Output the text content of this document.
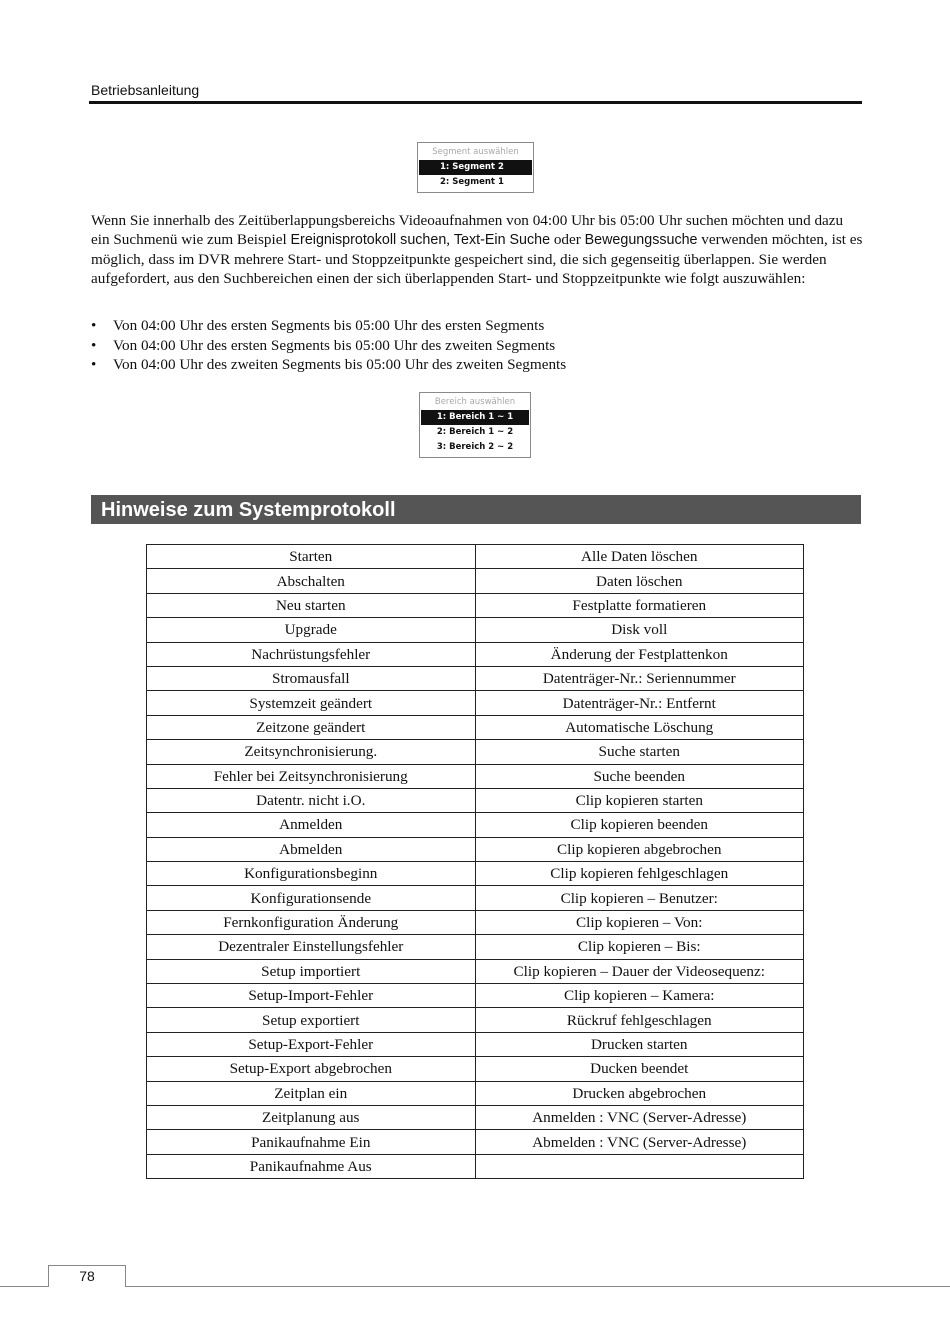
Betriebsanleitung
Segment auswählen
1: Segment 2
2: Segment 1

Wenn Sie innerhalb des Zeitüberlappungsbereichs Videoaufnahmen von 04:00 Uhr bis 05:00 Uhr suchen möchten und dazu ein Suchmenü wie zum Beispiel Ereignisprotokoll suchen, Text-Ein Suche oder Bewegungssuche verwenden möchten, ist es möglich, dass im DVR mehrere Start- und Stoppzeitpunkte gespeichert sind, die sich gegenseitig überlappen. Sie werden aufgefordert, aus den Suchbereichen einen der sich überlappenden Start- und Stoppzeitpunkte wie folgt auszuwählen:

• Von 04:00 Uhr des ersten Segments bis 05:00 Uhr des ersten Segments
• Von 04:00 Uhr des ersten Segments bis 05:00 Uhr des zweiten Segments
• Von 04:00 Uhr des zweiten Segments bis 05:00 Uhr des zweiten Segments
Bereich auswählen
1: Bereich 1 ~ 1
2: Bereich 1 ~ 2
3: Bereich 2 ~ 2
Hinweise zum Systemprotokoll
Starten	Alle Daten löschen
Abschalten	Daten löschen
Neu starten	Festplatte formatieren
Upgrade	Disk voll
Nachrüstungsfehler	Änderung der Festplattenkon
Stromausfall	Datenträger-Nr.: Seriennummer
Systemzeit geändert	Datenträger-Nr.: Entfernt
Zeitzone geändert	Automatische Löschung
Zeitsynchronisierung.	Suche starten
Fehler bei Zeitsynchronisierung	Suche beenden
Datentr. nicht i.O.	Clip kopieren starten
Anmelden	Clip kopieren beenden
Abmelden	Clip kopieren abgebrochen
Konfigurationsbeginn	Clip kopieren fehlgeschlagen
Konfigurationsende	Clip kopieren – Benutzer:
Fernkonfiguration Änderung	Clip kopieren – Von:
Dezentraler Einstellungsfehler	Clip kopieren – Bis:
Setup importiert	Clip kopieren – Dauer der Videosequenz:
Setup-Import-Fehler	Clip kopieren – Kamera:
Setup exportiert	Rückruf fehlgeschlagen
Setup-Export-Fehler	Drucken starten
Setup-Export abgebrochen	Ducken beendet
Zeitplan ein	Drucken abgebrochen
Zeitplanung aus	Anmelden : VNC (Server-Adresse)
Panikaufnahme Ein	Abmelden : VNC (Server-Adresse)
Panikaufnahme Aus	
78
